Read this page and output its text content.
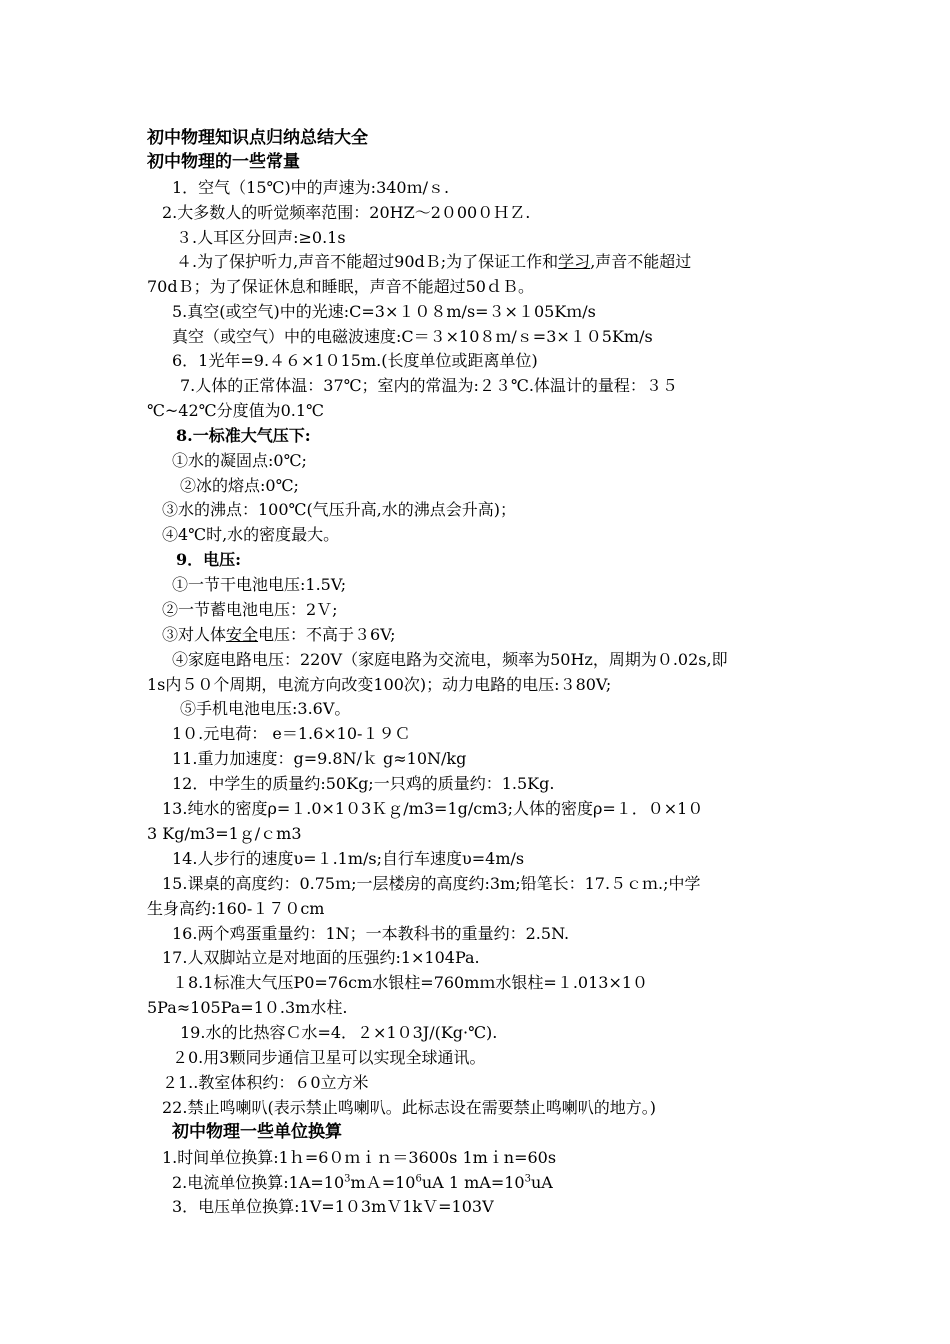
初中物理知识点归纳总结大全
初中物理的一些常量
1．空气（15℃)中的声速为:340ｍ/ｓ.
2.大多数人的听觉频率范围：20HZ～2０00０ＨＺ.
３.人耳区分回声:≥0.1s
４.为了保护听力,声音不能超过90dＢ;为了保证工作和学习,声音不能超过
70dＢ；为了保证休息和睡眠，声音不能超过50ｄＢ。
5.真空(或空气)中的光速:C=3×１０８m/s=３×１05Kｍ/s
真空（或空气）中的电磁波速度:C＝３×10８ｍ/ｓ=3×１０5Km/s
6．1光年=9.４６×1０15m.(长度单位或距离单位)
7.人体的正常体温：37℃；室内的常温为:２３℃.体温计的量程：３５
℃~42℃分度值为0.1℃
8.一标准大气压下:
①水的凝固点:0℃;
②冰的熔点:0℃;
③水的沸点：100℃(气压升高,水的沸点会升高)；
④4℃时,水的密度最大。
9．电压:
①一节干电池电压:1.5V;
②一节蓄电池电压：2Ｖ;
③对人体安全电压：不高于３6V;
④家庭电路电压：220V（家庭电路为交流电，频率为50Hz，周期为０.02s,即
1s内５０个周期，电流方向改变100次)；动力电路的电压:３80V;
⑤手机电池电压:3.6V。
1０.元电荷： e＝1.6×10-１９Ｃ
11.重力加速度：g=9.8N/ｋ g≈10N/kg
12．中学生的质量约:50Kg;一只鸡的质量约：1.5Kg.
13.纯水的密度ρ=１.0×1０3Ｋｇ/m3=1g/cm3;人体的密度ρ=１．０×1０
3 Kg/m3=1ｇ/ｃm3
14.人步行的速度υ=１.1m/s;自行车速度υ=4m/s
15.课桌的高度约：0.75ｍ;一层楼房的高度约:3m;铅笔长：17.５ｃｍ.;中学
生身高约:160-１７０cm
16.两个鸡蛋重量约：1N；一本教科书的重量约：2.5N.
17.人双脚站立是对地面的压强约:1×104Pa.
１8.1标准大气压P0=76cm水银柱=760mｍ水银柱=１.013×1０
5Pa≈105Pa=1０.3m水柱.
19.水的比热容Ｃ水=4．２×1０3J/(Kg·℃).
２0.用3颗同步通信卫星可以实现全球通讯。
２1..教室体积约：６0立方米
22.禁止鸣喇叭(表示禁止鸣喇叭。此标志设在需要禁止鸣喇叭的地方。)
初中物理一些单位换算
1.时间单位换算:1ｈ=6０ｍｉｎ＝3600s 1mｉn=60s
2.电流单位换算$:1A=10^3mA=10^6uA$ 1 $mA=10^3uA$
3．电压单位换算:1V=1０3mＶ1kＶ=103V
